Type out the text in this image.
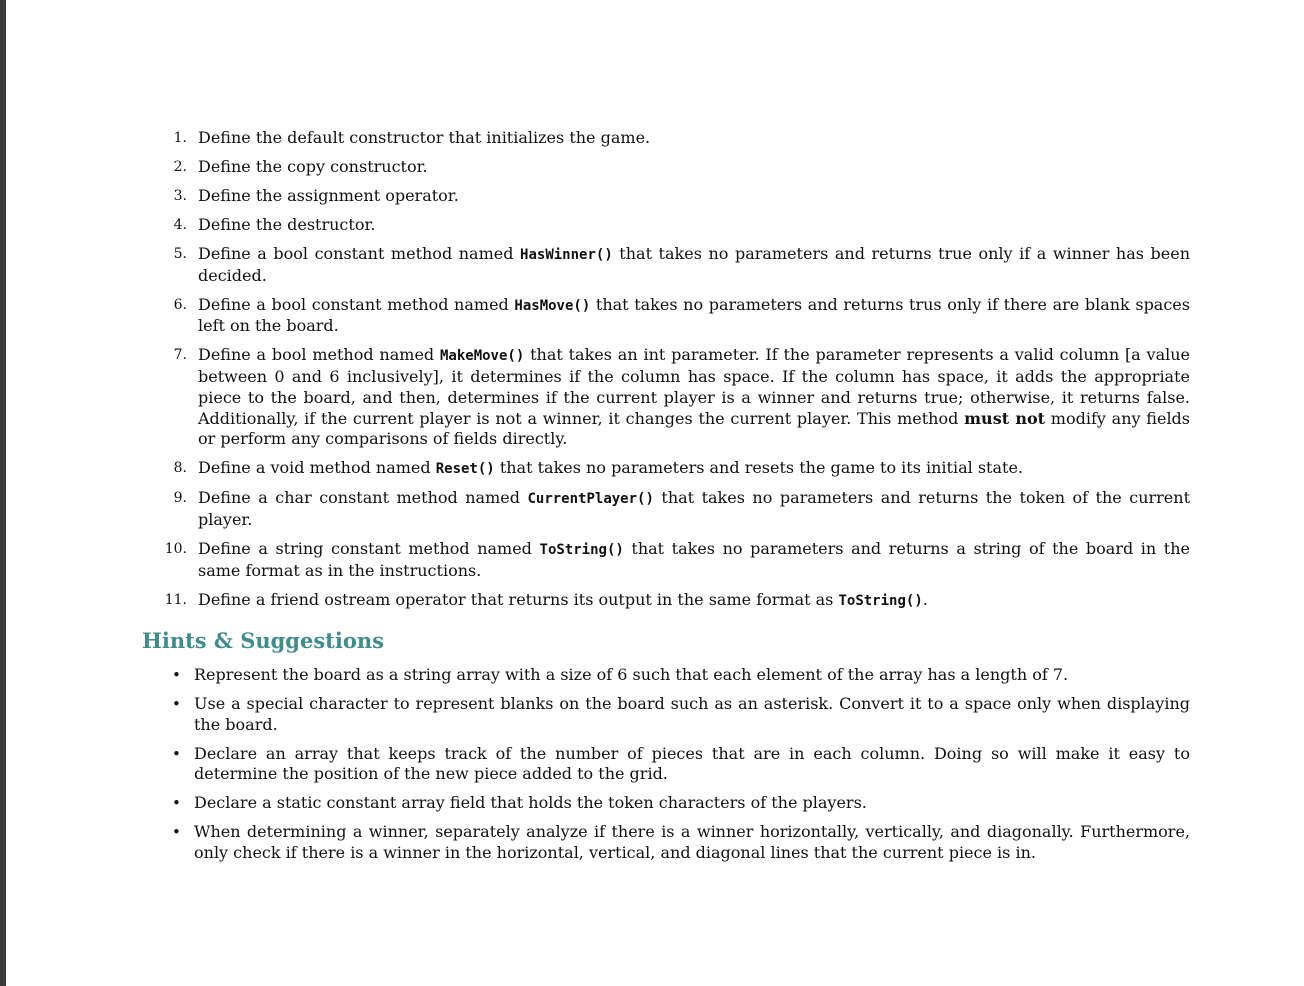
1. Define the default constructor that initializes the game.
2. Define the copy constructor.
3. Define the assignment operator.
4. Define the destructor.
5. Define a bool constant method named HasWinner() that takes no parameters and returns true only if a winner has been decided.
6. Define a bool constant method named HasMove() that takes no parameters and returns trus only if there are blank spaces left on the board.
7. Define a bool method named MakeMove() that takes an int parameter. If the parameter represents a valid column [a value between 0 and 6 inclusively], it determines if the column has space. If the column has space, it adds the appropriate piece to the board, and then, determines if the current player is a winner and returns true; otherwise, it returns false. Additionally, if the current player is not a winner, it changes the current player. This method must not modify any fields or perform any comparisons of fields directly.
8. Define a void method named Reset() that takes no parameters and resets the game to its initial state.
9. Define a char constant method named CurrentPlayer() that takes no parameters and returns the token of the current player.
10. Define a string constant method named ToString() that takes no parameters and returns a string of the board in the same format as in the instructions.
11. Define a friend ostream operator that returns its output in the same format as ToString().
Hints & Suggestions
• Represent the board as a string array with a size of 6 such that each element of the array has a length of 7.
• Use a special character to represent blanks on the board such as an asterisk. Convert it to a space only when displaying the board.
• Declare an array that keeps track of the number of pieces that are in each column. Doing so will make it easy to determine the position of the new piece added to the grid.
• Declare a static constant array field that holds the token characters of the players.
• When determining a winner, separately analyze if there is a winner horizontally, vertically, and diagonally. Furthermore, only check if there is a winner in the horizontal, vertical, and diagonal lines that the current piece is in.
